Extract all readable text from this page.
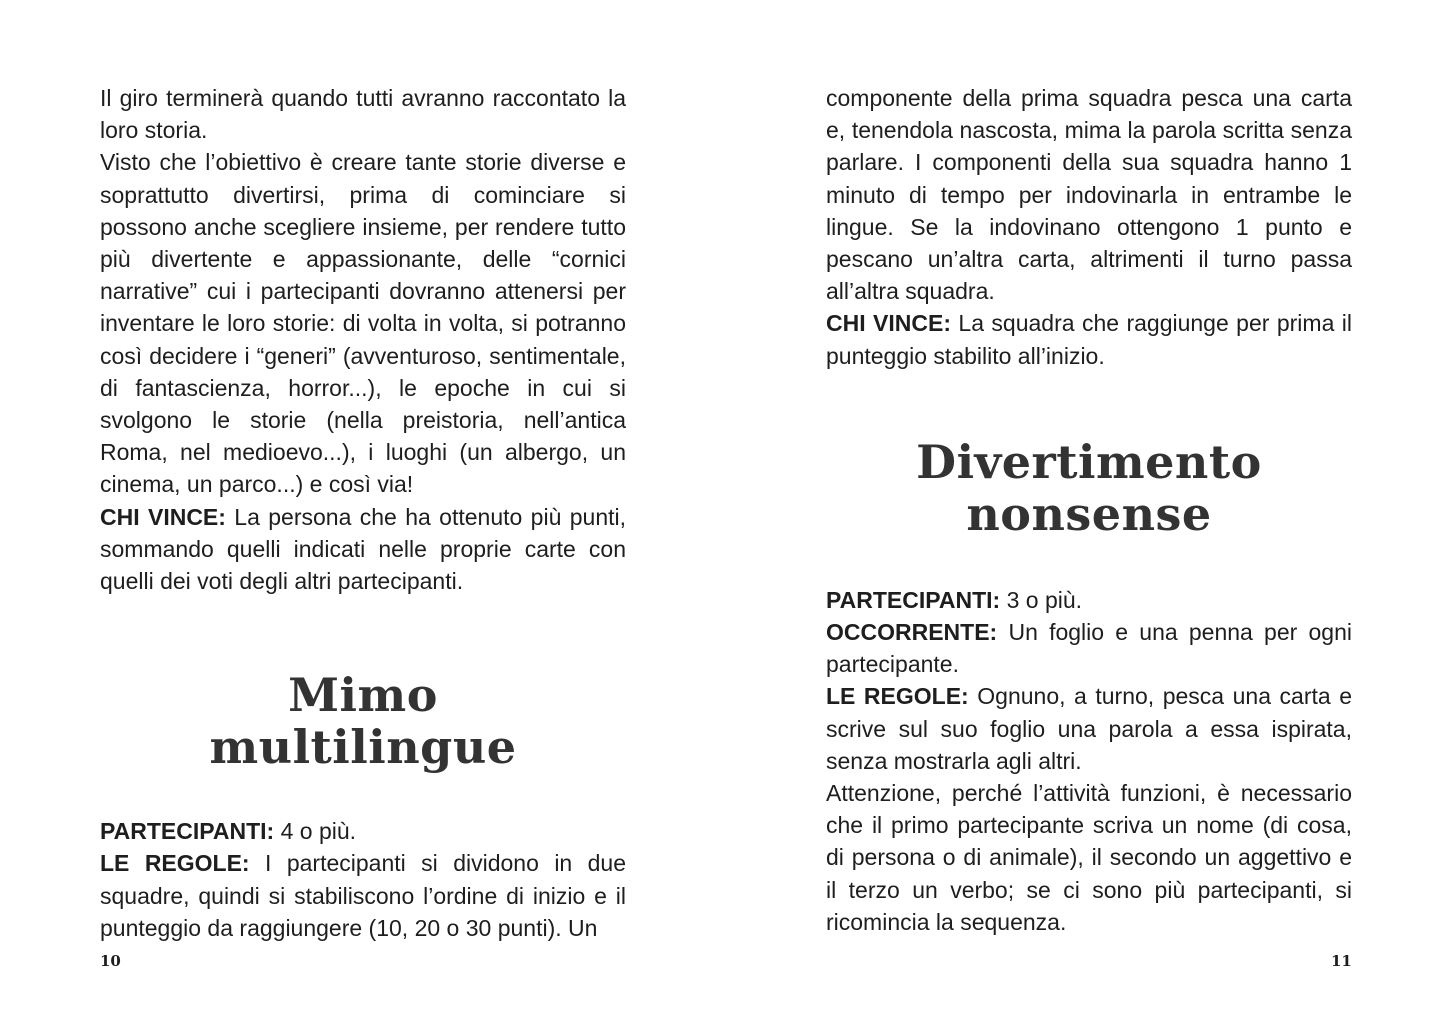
Il giro terminerà quando tutti avranno raccontato la loro storia.

Visto che l’obiettivo è creare tante storie diverse e soprattutto divertirsi, prima di cominciare si possono anche scegliere insieme, per rendere tutto più divertente e appassionante, delle “cornici narrative” cui i partecipanti dovranno attenersi per inventare le loro storie: di volta in volta, si potranno così decidere i “generi” (avventuroso, sentimentale, di fantascienza, horror...), le epoche in cui si svolgono le storie (nella preistoria, nell’antica Roma, nel medioevo...), i luoghi (un albergo, un cinema, un parco...) e così via!

CHI VINCE: La persona che ha ottenuto più punti, sommando quelli indicati nelle proprie carte con quelli dei voti degli altri partecipanti.

Mimo
multilingue

PARTECIPANTI: 4 o più.

LE REGOLE: I partecipanti si dividono in due squadre, quindi si stabiliscono l’ordine di inizio e il punteggio da raggiungere (10, 20 o 30 punti). Un

componente della prima squadra pesca una carta e, tenendola nascosta, mima la parola scritta senza parlare. I componenti della sua squadra hanno 1 minuto di tempo per indovinarla in entrambe le lingue. Se la indovinano ottengono 1 punto e pescano un’altra carta, altrimenti il turno passa all’altra squadra.

CHI VINCE: La squadra che raggiunge per prima il punteggio stabilito all’inizio.

Divertimento
nonsense

PARTECIPANTI: 3 o più.

OCCORRENTE: Un foglio e una penna per ogni partecipante.

LE REGOLE: Ognuno, a turno, pesca una carta e scrive sul suo foglio una parola a essa ispirata, senza mostrarla agli altri.

Attenzione, perché l’attività funzioni, è necessario che il primo partecipante scriva un nome (di cosa, di persona o di animale), il secondo un aggettivo e il terzo un verbo; se ci sono più partecipanti, si ricomincia la sequenza.

10	11
